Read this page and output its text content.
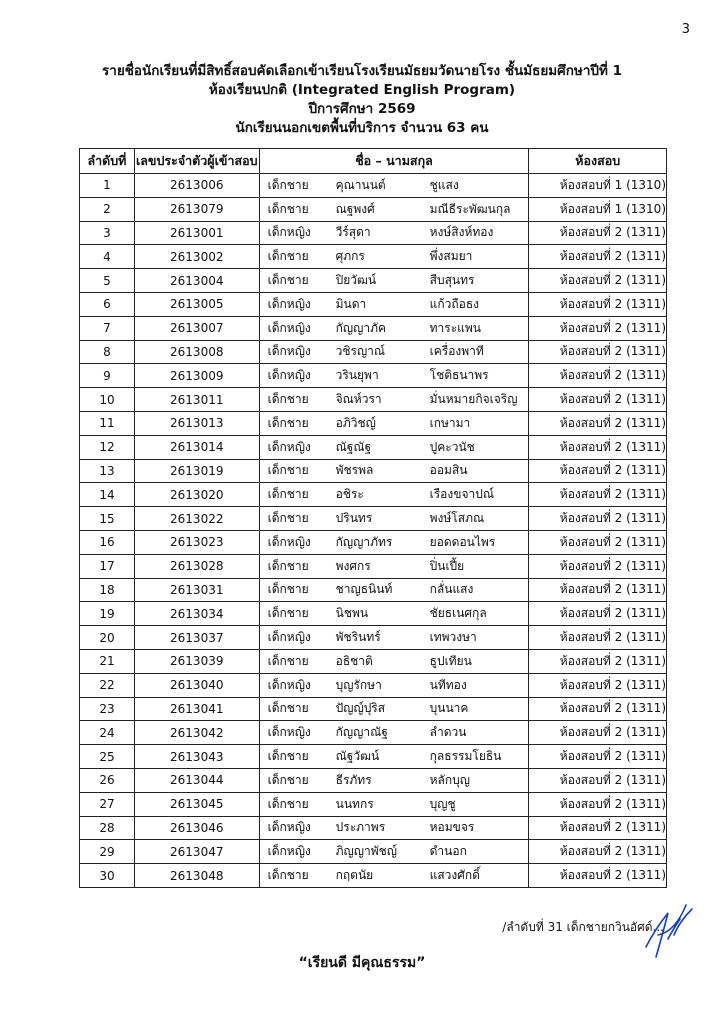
3
รายชื่อนักเรียนที่มีสิทธิ์สอบคัดเลือกเข้าเรียนโรงเรียนมัธยมวัดนายโรง ชั้นมัธยมศึกษาปีที่ 1
ห้องเรียนปกติ (Integrated English Program)
ปีการศึกษา 2569
นักเรียนนอกเขตพื้นที่บริการ จำนวน 63 คน
ลำดับที่	เลขประจำตัวผู้เข้าสอบ	ชื่อ – นามสกุล	ห้องสอบ
1	2613006	เด็กชาย คุณานนต์ ชูแสง	ห้องสอบที่ 1 (1310)
2	2613079	เด็กชาย ณฐพงศ์ มณีธีระพัฒนกุล	ห้องสอบที่ 1 (1310)
3	2613001	เด็กหญิง วีร์สุดา หงษ์สิงห์ทอง	ห้องสอบที่ 2 (1311)
4	2613002	เด็กชาย ศุภกร พึ่งสมยา	ห้องสอบที่ 2 (1311)
5	2613004	เด็กชาย ปิยวัฒน์ สืบสุนทร	ห้องสอบที่ 2 (1311)
6	2613005	เด็กหญิง มินดา แก้วถือธง	ห้องสอบที่ 2 (1311)
7	2613007	เด็กหญิง กัญญาภัค ทาระแพน	ห้องสอบที่ 2 (1311)
8	2613008	เด็กหญิง วชิรญาณ์ เครื่องพาที	ห้องสอบที่ 2 (1311)
9	2613009	เด็กหญิง วรินยุพา โชติธนาพร	ห้องสอบที่ 2 (1311)
10	2613011	เด็กชาย จิณห์วรา มั่นหมายกิจเจริญ	ห้องสอบที่ 2 (1311)
11	2613013	เด็กชาย อภิวิชญ์ เกษามา	ห้องสอบที่ 2 (1311)
12	2613014	เด็กหญิง ณัฐณัฐ ปูคะวนัช	ห้องสอบที่ 2 (1311)
13	2613019	เด็กชาย พัชรพล ออมสิน	ห้องสอบที่ 2 (1311)
14	2613020	เด็กชาย อชิระ เรืองขจาปณ์	ห้องสอบที่ 2 (1311)
15	2613022	เด็กชาย ปรินทร พงษ์โสภณ	ห้องสอบที่ 2 (1311)
16	2613023	เด็กหญิง กัญญาภัทร ยอดดอนไพร	ห้องสอบที่ 2 (1311)
17	2613028	เด็กชาย พงศกร ปิ่นเปี้ย	ห้องสอบที่ 2 (1311)
18	2613031	เด็กชาย ชาญธนินท์ กลั่นแสง	ห้องสอบที่ 2 (1311)
19	2613034	เด็กชาย นิชพน ชัยธเนศกุล	ห้องสอบที่ 2 (1311)
20	2613037	เด็กหญิง พัชรินทร์ เทพวงษา	ห้องสอบที่ 2 (1311)
21	2613039	เด็กชาย อธิชาติ ธูปเทียน	ห้องสอบที่ 2 (1311)
22	2613040	เด็กหญิง บุญรักษา นทีทอง	ห้องสอบที่ 2 (1311)
23	2613041	เด็กชาย ปัญญ์ปุริส บุนนาค	ห้องสอบที่ 2 (1311)
24	2613042	เด็กหญิง กัญญาณัฐ ลำดวน	ห้องสอบที่ 2 (1311)
25	2613043	เด็กชาย ณัฐวัฒน์ กุลธรรมโยธิน	ห้องสอบที่ 2 (1311)
26	2613044	เด็กชาย ธีรภัทร หลักบุญ	ห้องสอบที่ 2 (1311)
27	2613045	เด็กชาย นนทกร บุญชู	ห้องสอบที่ 2 (1311)
28	2613046	เด็กหญิง ประภาพร หอมขจร	ห้องสอบที่ 2 (1311)
29	2613047	เด็กหญิง ภิญญาพัชญ์ ดำนอก	ห้องสอบที่ 2 (1311)
30	2613048	เด็กชาย กฤตนัย แสวงศักดิ์	ห้องสอบที่ 2 (1311)
/ลำดับที่ 31 เด็กชายกวินอัศด์...
“เรียนดี มีคุณธรรม”
